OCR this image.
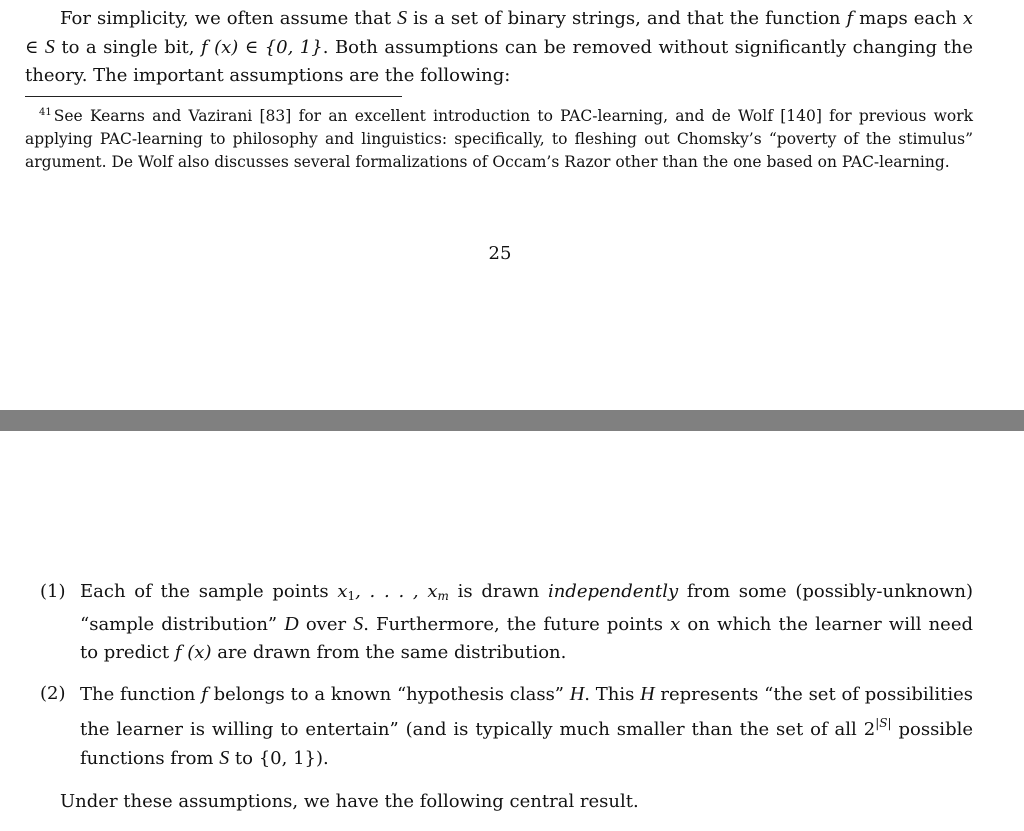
For simplicity, we often assume that S is a set of binary strings, and that the function f maps each x ∈ S to a single bit, f (x) ∈ {0, 1}. Both assumptions can be removed without significantly changing the theory. The important assumptions are the following:
$^{41}$ See Kearns and Vazirani [83] for an excellent introduction to PAC-learning, and de Wolf [140] for previous work applying PAC-learning to philosophy and linguistics: specifically, to fleshing out Chomsky’s “poverty of the stimulus” argument. De Wolf also discusses several formalizations of Occam’s Razor other than the one based on PAC-learning.
25
(1) Each of the sample points $x_1$, . . . , $x_m$ is drawn independently from some (possibly-unknown) “sample distribution” D over S. Furthermore, the future points x on which the learner will need to predict f (x) are drawn from the same distribution.
(2) The function f belongs to a known “hypothesis class” H. This H represents “the set of possibilities the learner is willing to entertain” (and is typically much smaller than the set of all $2^{|S|}$ possible functions from S to {0, 1}).
Under these assumptions, we have the following central result.
